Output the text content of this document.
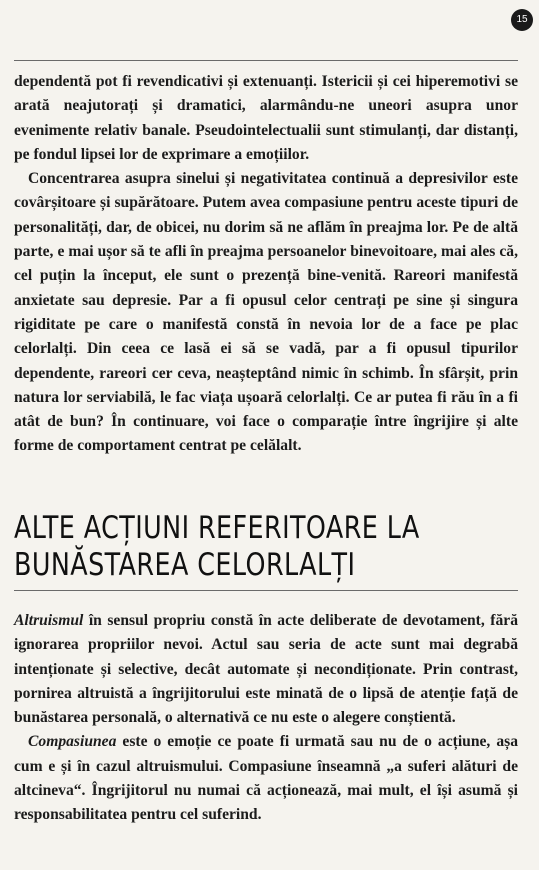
15

dependentă pot fi revendicativi și extenuanți. Istericii și cei hiperemotivi se arată neajutorați și dramatici, alarmându-ne uneori asupra unor evenimente relativ banale. Pseudointelectualii sunt stimulanți, dar distanți, pe fondul lipsei lor de exprimare a emoțiilor.

Concentrarea asupra sinelui și negativitatea continuă a depresivilor este covârșitoare și supărătoare. Putem avea compasiune pentru aceste tipuri de personalități, dar, de obicei, nu dorim să ne aflăm în preajma lor. Pe de altă parte, e mai ușor să te afli în preajma persoanelor binevoitoare, mai ales că, cel puțin la început, ele sunt o prezență bine-venită. Rareori manifestă anxietate sau depresie. Par a fi opusul celor centrați pe sine și singura rigiditate pe care o manifestă constă în nevoia lor de a face pe plac celorlalți. Din ceea ce lasă ei să se vadă, par a fi opusul tipurilor dependente, rareori cer ceva, neașteptând nimic în schimb. În sfârșit, prin natura lor serviabilă, le fac viața ușoară celorlalți. Ce ar putea fi rău în a fi atât de bun? În continuare, voi face o comparație între îngrijire și alte forme de comportament centrat pe celălalt.

ALTE ACȚIUNI REFERITOARE LA
BUNĂSTAREA CELORLALȚI

Altruismul în sensul propriu constă în acte deliberate de devotament, fără ignorarea propriilor nevoi. Actul sau seria de acte sunt mai degrabă intenționate și selective, decât automate și necondiționate. Prin contrast, pornirea altruistă a îngrijitorului este minată de o lipsă de atenție față de bunăstarea personală, o alternativă ce nu este o alegere conștientă.

Compasiunea este o emoție ce poate fi urmată sau nu de o acțiune, așa cum e și în cazul altruismului. Compasiune înseamnă „a suferi alături de altcineva“. Îngrijitorul nu numai că acționează, mai mult, el își asumă și responsabilitatea pentru cel suferind.
